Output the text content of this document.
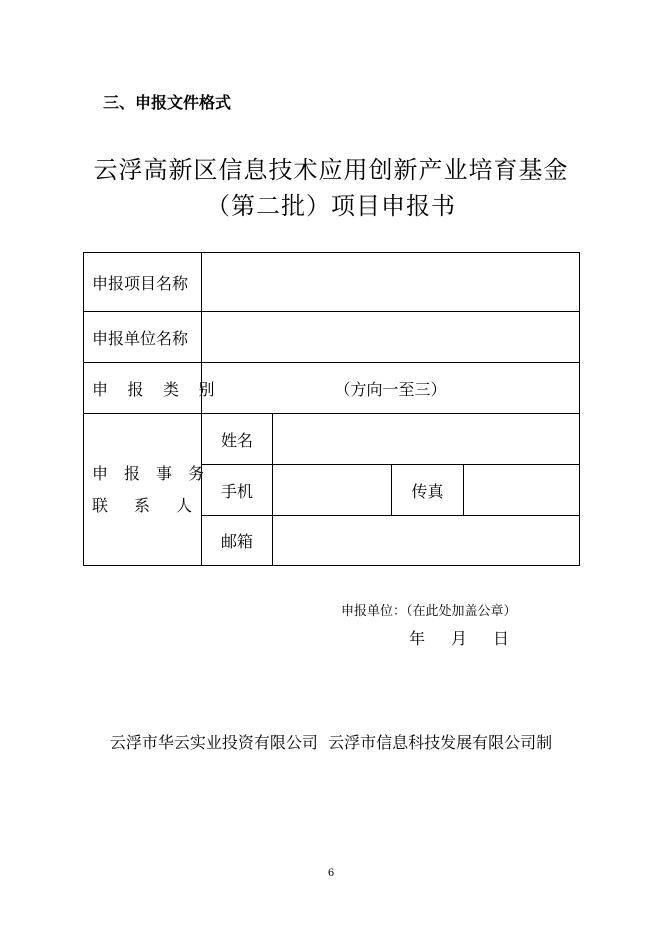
三、申报文件格式
云浮高新区信息技术应用创新产业培育基金
（第二批）项目申报书
申报项目名称				
申报单位名称				
申 报 类 别	（方向一至三）			

申报事务
联 系 人	姓名			
	手机		传真	
	邮箱			
申报单位：（在此处加盖公章）
年 月 日
云浮市华云实业投资有限公司  云浮市信息科技发展有限公司制
6
